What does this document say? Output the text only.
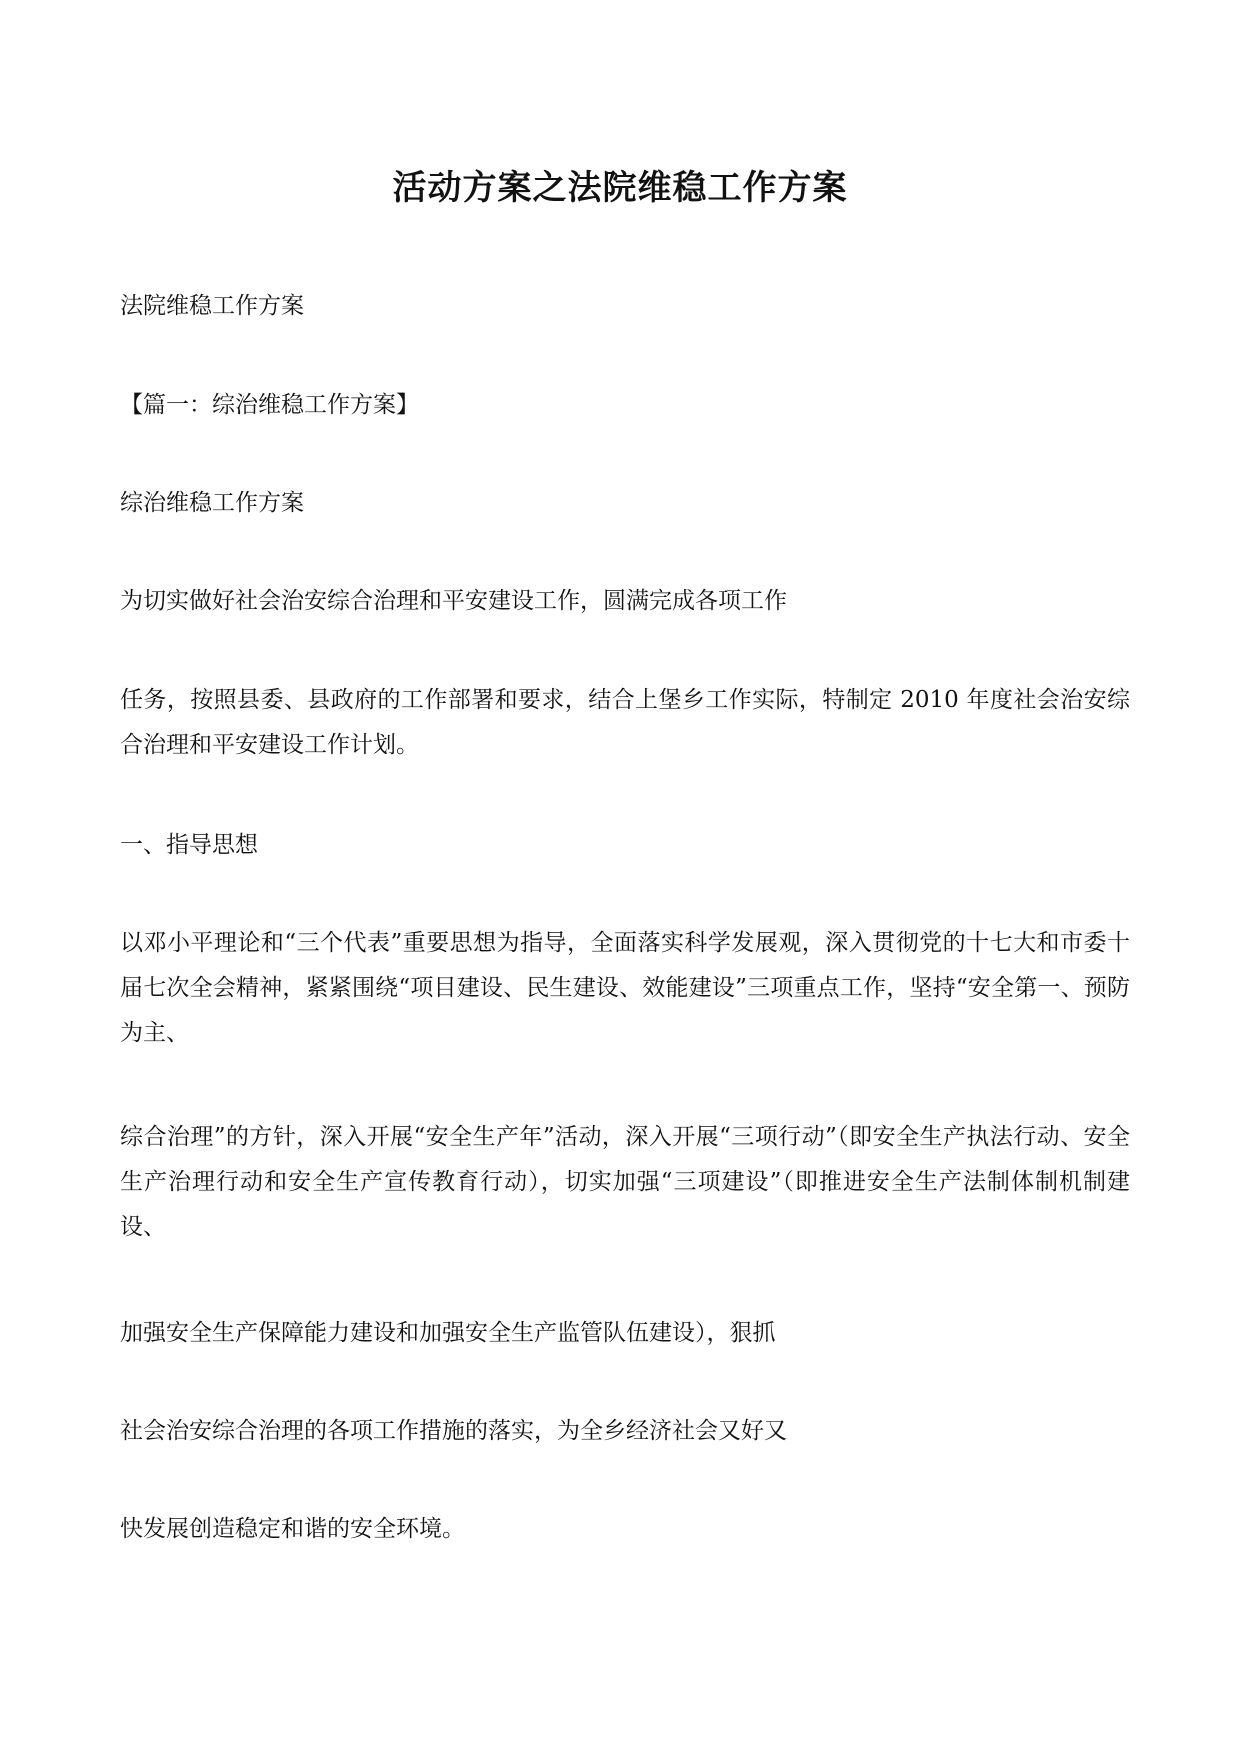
活动方案之法院维稳工作方案
法院维稳工作方案
【篇一：综治维稳工作方案】
综治维稳工作方案
为切实做好社会治安综合治理和平安建设工作，圆满完成各项工作
任务，按照县委、县政府的工作部署和要求，结合上堡乡工作实际，特制定 2010 年度社会治安综合治理和平安建设工作计划。
一、指导思想
以邓小平理论和“三个代表”重要思想为指导，全面落实科学发展观，深入贯彻党的十七大和市委十届七次全会精神，紧紧围绕“项目建设、民生建设、效能建设”三项重点工作，坚持“安全第一、预防为主、
综合治理”的方针，深入开展“安全生产年”活动，深入开展“三项行动”（即安全生产执法行动、安全生产治理行动和安全生产宣传教育行动），切实加强“三项建设”（即推进安全生产法制体制机制建设、
加强安全生产保障能力建设和加强安全生产监管队伍建设），狠抓
社会治安综合治理的各项工作措施的落实，为全乡经济社会又好又
快发展创造稳定和谐的安全环境。
